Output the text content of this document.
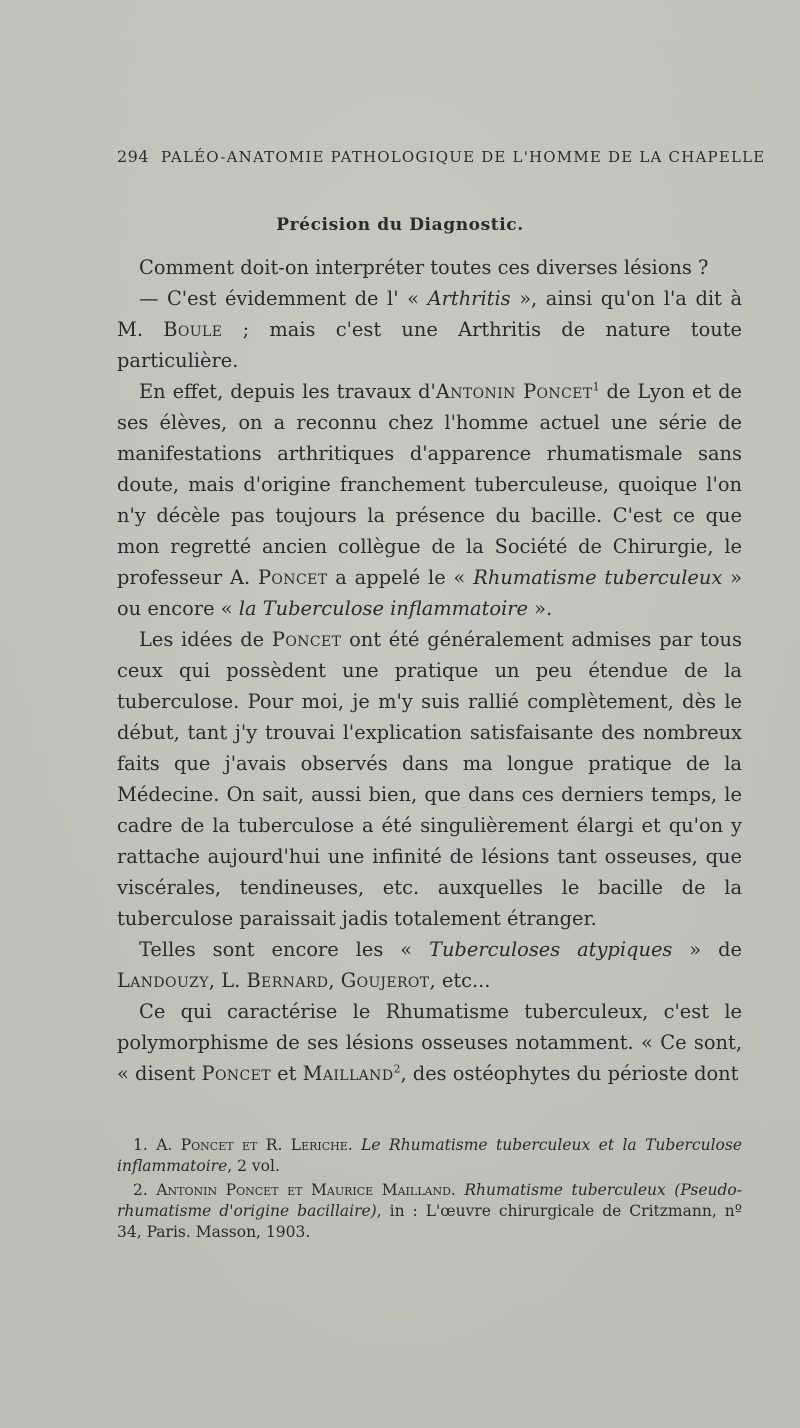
294 PALÉO-ANATOMIE PATHOLOGIQUE DE L'HOMME DE LA CHAPELLE
Précision du Diagnostic.

Comment doit-on interpréter toutes ces diverses lésions ?

— C'est évidemment de l' « Arthritis », ainsi qu'on l'a dit à M. Boule ; mais c'est une Arthritis de nature toute particulière.

En effet, depuis les travaux d'Antonin Poncet$^1$ de Lyon et de ses élèves, on a reconnu chez l'homme actuel une série de manifestations arthritiques d'apparence rhumatismale sans doute, mais d'origine franchement tuberculeuse, quoique l'on n'y décèle pas toujours la présence du bacille. C'est ce que mon regretté ancien collègue de la Société de Chirurgie, le professeur A. Poncet a appelé le « Rhumatisme tuberculeux » ou encore « la Tuberculose inflammatoire ».

Les idées de Poncet ont été généralement admises par tous ceux qui possèdent une pratique un peu étendue de la tuberculose. Pour moi, je m'y suis rallié complètement, dès le début, tant j'y trouvai l'explication satisfaisante des nombreux faits que j'avais observés dans ma longue pratique de la Médecine. On sait, aussi bien, que dans ces derniers temps, le cadre de la tuberculose a été singulièrement élargi et qu'on y rattache aujourd'hui une infinité de lésions tant osseuses, que viscérales, tendineuses, etc. auxquelles le bacille de la tuberculose paraissait jadis totalement étranger.

Telles sont encore les « Tuberculoses atypiques » de Landouzy, L. Bernard, Goujerot, etc...

Ce qui caractérise le Rhumatisme tuberculeux, c'est le polymorphisme de ses lésions osseuses notamment. « Ce sont, « disent Poncet et Mailland$^2$, des ostéophytes du périoste dont

1. A. Poncet et R. Leriche. Le Rhumatisme tuberculeux et la Tuberculose inflammatoire, 2 vol.

2. Antonin Poncet et Maurice Mailland. Rhumatisme tuberculeux (Pseudo-rhumatisme d'origine bacillaire), in : L'œuvre chirurgicale de Critzmann, nº 34, Paris. Masson, 1903.
